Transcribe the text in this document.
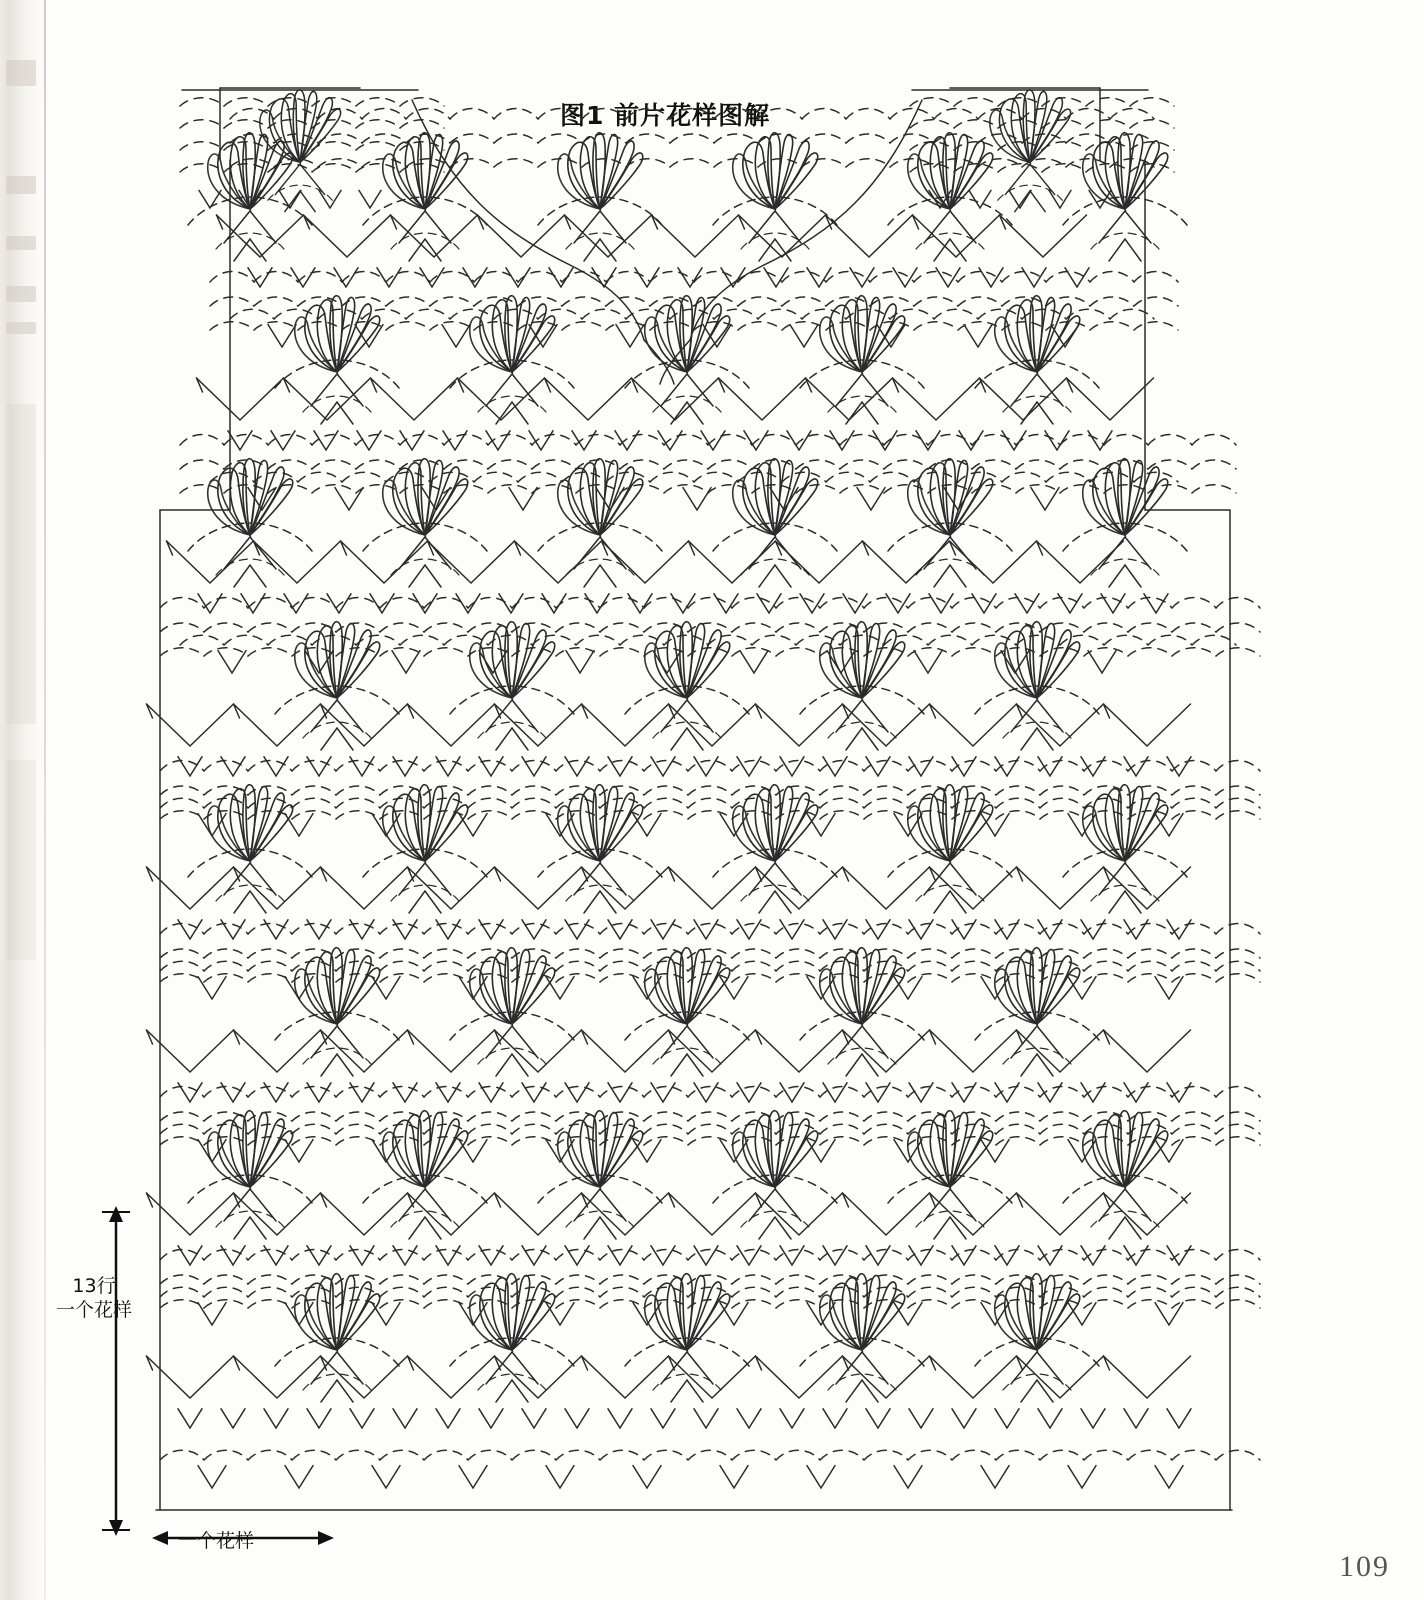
图1 前片花样图解
13行
一个花样
一个花样
109
